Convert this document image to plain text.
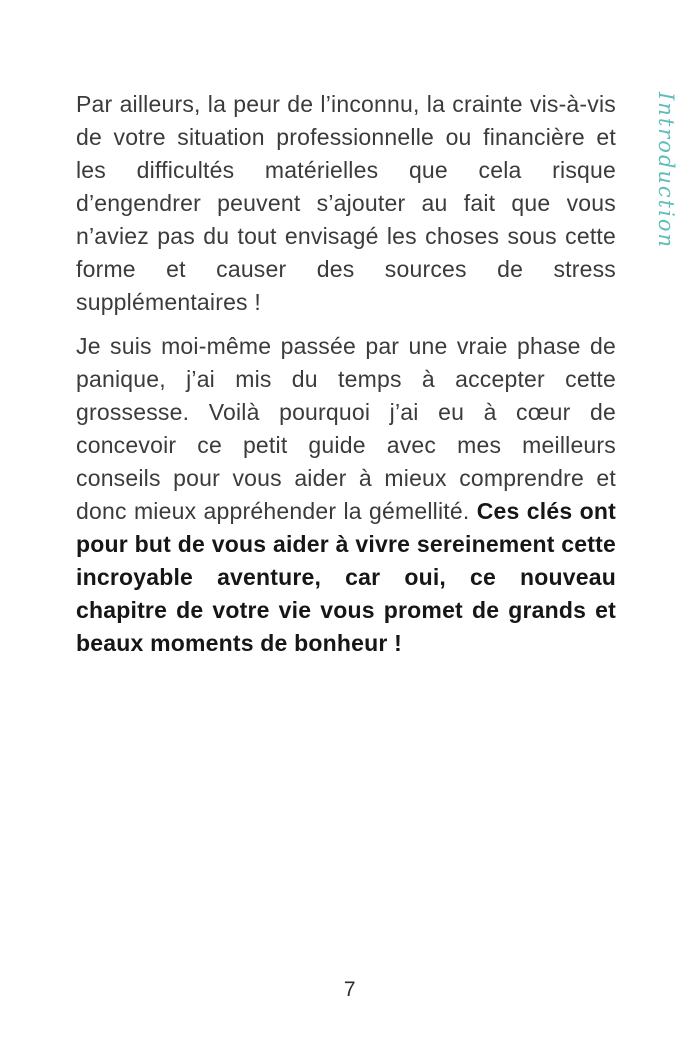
Introduction

Par ailleurs, la peur de l’inconnu, la crainte vis-à-vis de votre situation professionnelle ou financière et les difficultés matérielles que cela risque d’engendrer peuvent s’ajouter au fait que vous n’aviez pas du tout envisagé les choses sous cette forme et causer des sources de stress supplémentaires !

Je suis moi-même passée par une vraie phase de panique, j’ai mis du temps à accepter cette grossesse. Voilà pourquoi j’ai eu à cœur de concevoir ce petit guide avec mes meilleurs conseils pour vous aider à mieux comprendre et donc mieux appréhender la gémellité. Ces clés ont pour but de vous aider à vivre sereinement cette incroyable aventure, car oui, ce nouveau chapitre de votre vie vous promet de grands et beaux moments de bonheur !

7
